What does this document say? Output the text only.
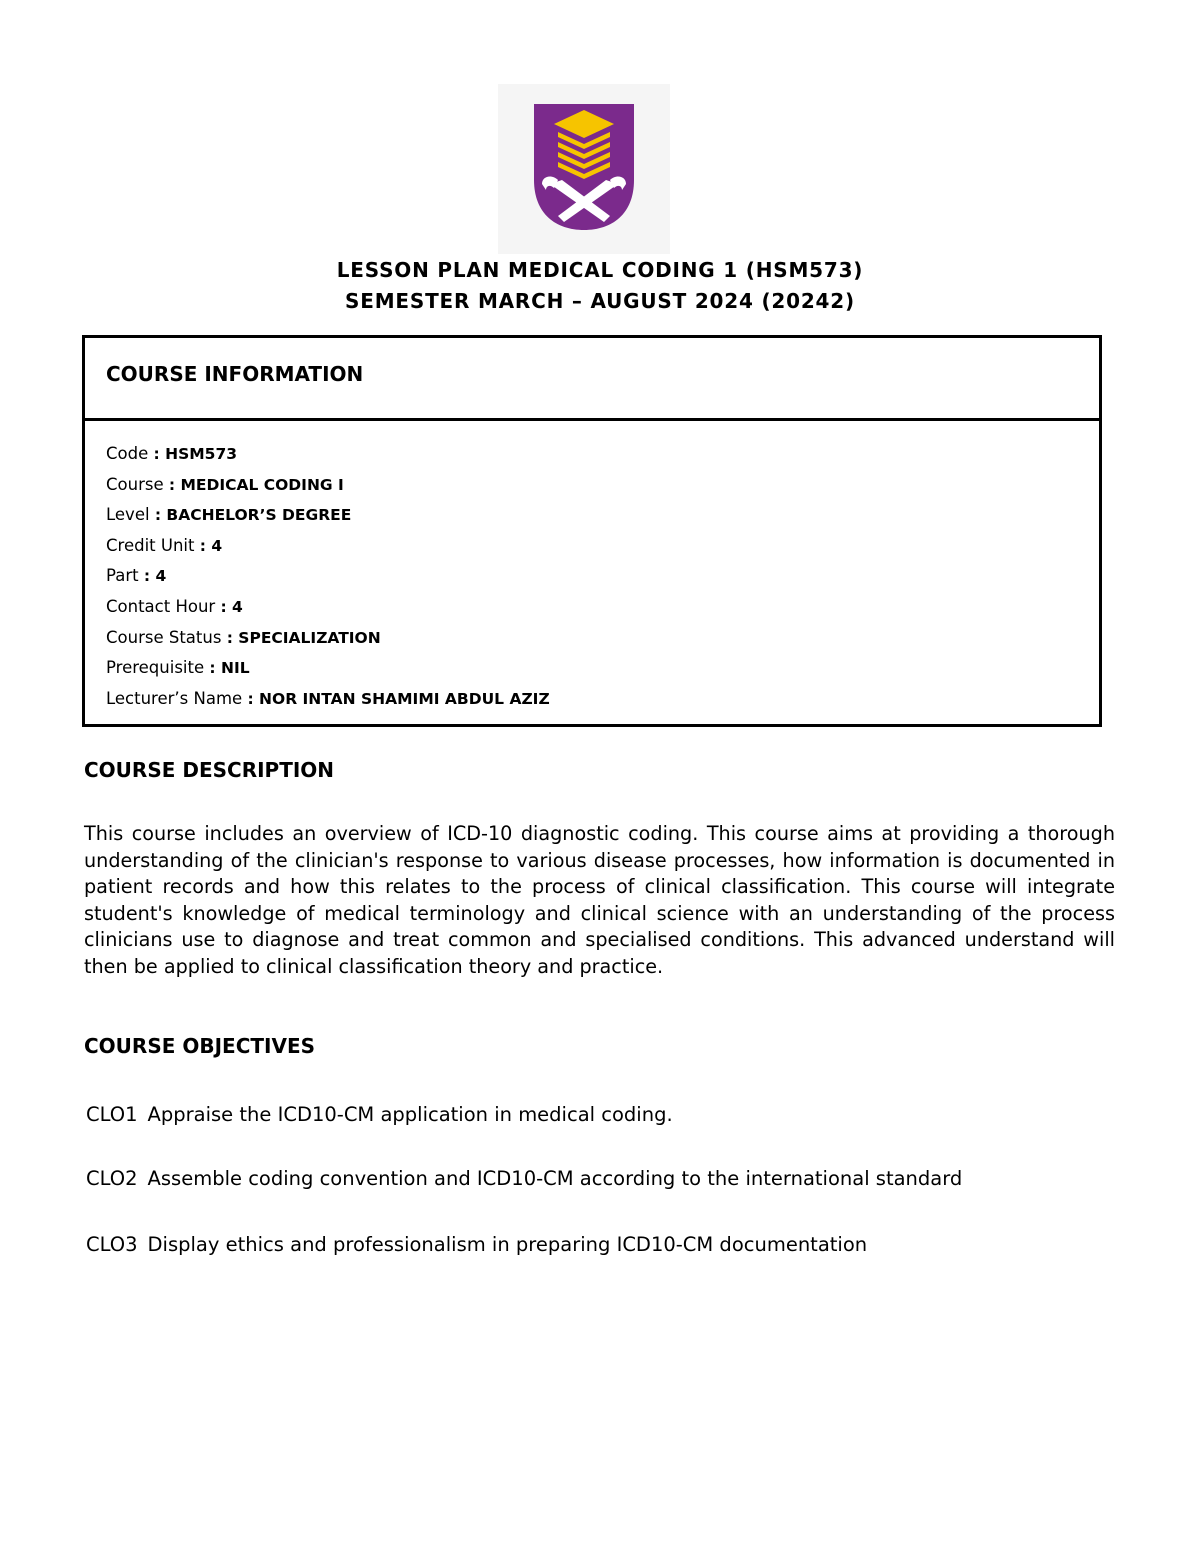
LESSON PLAN MEDICAL CODING 1 (HSM573)
SEMESTER MARCH – AUGUST 2024 (20242)
COURSE INFORMATION
Code : HSM573
Course : MEDICAL CODING I
Level : BACHELOR’S DEGREE
Credit Unit : 4
Part : 4
Contact Hour : 4
Course Status : SPECIALIZATION
Prerequisite : NIL
Lecturer’s Name : NOR INTAN SHAMIMI ABDUL AZIZ
COURSE DESCRIPTION

This course includes an overview of ICD-10 diagnostic coding. This course aims at providing a thorough understanding of the clinician's response to various disease processes, how information is documented in patient records and how this relates to the process of clinical classification. This course will integrate student's knowledge of medical terminology and clinical science with an understanding of the process clinicians use to diagnose and treat common and specialised conditions. This advanced understand will then be applied to clinical classification theory and practice.

COURSE OBJECTIVES
CLO1 Appraise the ICD10-CM application in medical coding.
CLO2 Assemble coding convention and ICD10-CM according to the international standard
CLO3 Display ethics and professionalism in preparing ICD10-CM documentation
